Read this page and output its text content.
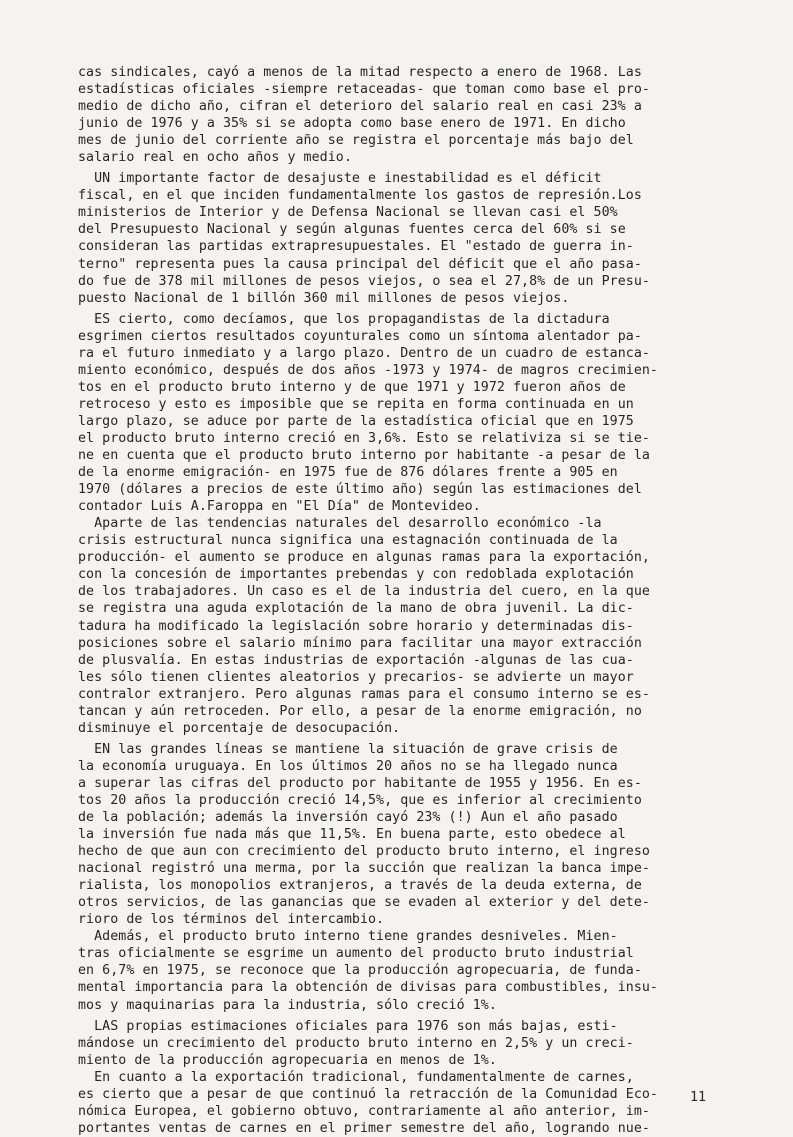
cas sindicales, cayó a menos de la mitad respecto a enero de 1968. Las
estadísticas oficiales -siempre retaceadas- que toman como base el pro-
medio de dicho año, cifran el deterioro del salario real en casi 23% a
junio de 1976 y a 35% si se adopta como base enero de 1971. En dicho
mes de junio del corriente año se registra el porcentaje más bajo del
salario real en ocho años y medio.
UN importante factor de desajuste e inestabilidad es el déficit
fiscal, en el que inciden fundamentalmente los gastos de represión.Los
ministerios de Interior y de Defensa Nacional se llevan casi el 50%
del Presupuesto Nacional y según algunas fuentes cerca del 60% si se
consideran las partidas extrapresupuestales. El "estado de guerra in-
terno" representa pues la causa principal del déficit que el año pasa-
do fue de 378 mil millones de pesos viejos, o sea el 27,8% de un Presu-
puesto Nacional de 1 billón 360 mil millones de pesos viejos.
ES cierto, como decíamos, que los propagandistas de la dictadura
esgrimen ciertos resultados coyunturales como un síntoma alentador pa-
ra el futuro inmediato y a largo plazo. Dentro de un cuadro de estanca-
miento económico, después de dos años -1973 y 1974- de magros crecimien-
tos en el producto bruto interno y de que 1971 y 1972 fueron años de
retroceso y esto es imposible que se repita en forma continuada en un
largo plazo, se aduce por parte de la estadística oficial que en 1975
el producto bruto interno creció en 3,6%. Esto se relativiza si se tie-
ne en cuenta que el producto bruto interno por habitante -a pesar de la
de la enorme emigración- en 1975 fue de 876 dólares frente a 905 en
1970 (dólares a precios de este último año) según las estimaciones del
contador Luis A.Faroppa en "El Día" de Montevideo.
Aparte de las tendencias naturales del desarrollo económico -la
crisis estructural nunca significa una estagnación continuada de la
producción- el aumento se produce en algunas ramas para la exportación,
con la concesión de importantes prebendas y con redoblada explotación
de los trabajadores. Un caso es el de la industria del cuero, en la que
se registra una aguda explotación de la mano de obra juvenil. La dic-
tadura ha modificado la legislación sobre horario y determinadas dis-
posiciones sobre el salario mínimo para facilitar una mayor extracción
de plusvalía. En estas industrias de exportación -algunas de las cua-
les sólo tienen clientes aleatorios y precarios- se advierte un mayor
contralor extranjero. Pero algunas ramas para el consumo interno se es-
tancan y aún retroceden. Por ello, a pesar de la enorme emigración, no
disminuye el porcentaje de desocupación.
EN las grandes líneas se mantiene la situación de grave crisis de
la economía uruguaya. En los últimos 20 años no se ha llegado nunca
a superar las cifras del producto por habitante de 1955 y 1956. En es-
tos 20 años la producción creció 14,5%, que es inferior al crecimiento
de la población; además la inversión cayó 23% (!) Aun el año pasado
la inversión fue nada más que 11,5%. En buena parte, esto obedece al
hecho de que aun con crecimiento del producto bruto interno, el ingreso
nacional registró una merma, por la succión que realizan la banca impe-
rialista, los monopolios extranjeros, a través de la deuda externa, de
otros servicios, de las ganancias que se evaden al exterior y del dete-
rioro de los términos del intercambio.
Además, el producto bruto interno tiene grandes desniveles. Mien-
tras oficialmente se esgrime un aumento del producto bruto industrial
en 6,7% en 1975, se reconoce que la producción agropecuaria, de funda-
mental importancia para la obtención de divisas para combustibles, insu-
mos y maquinarias para la industria, sólo creció 1%.
LAS propias estimaciones oficiales para 1976 son más bajas, esti-
mándose un crecimiento del producto bruto interno en 2,5% y un creci-
miento de la producción agropecuaria en menos de 1%.
En cuanto a la exportación tradicional, fundamentalmente de carnes,
es cierto que a pesar de que continuó la retracción de la Comunidad Eco-
nómica Europea, el gobierno obtuvo, contrariamente al año anterior, im-
portantes ventas de carnes en el primer semestre del año, logrando nue-
11
